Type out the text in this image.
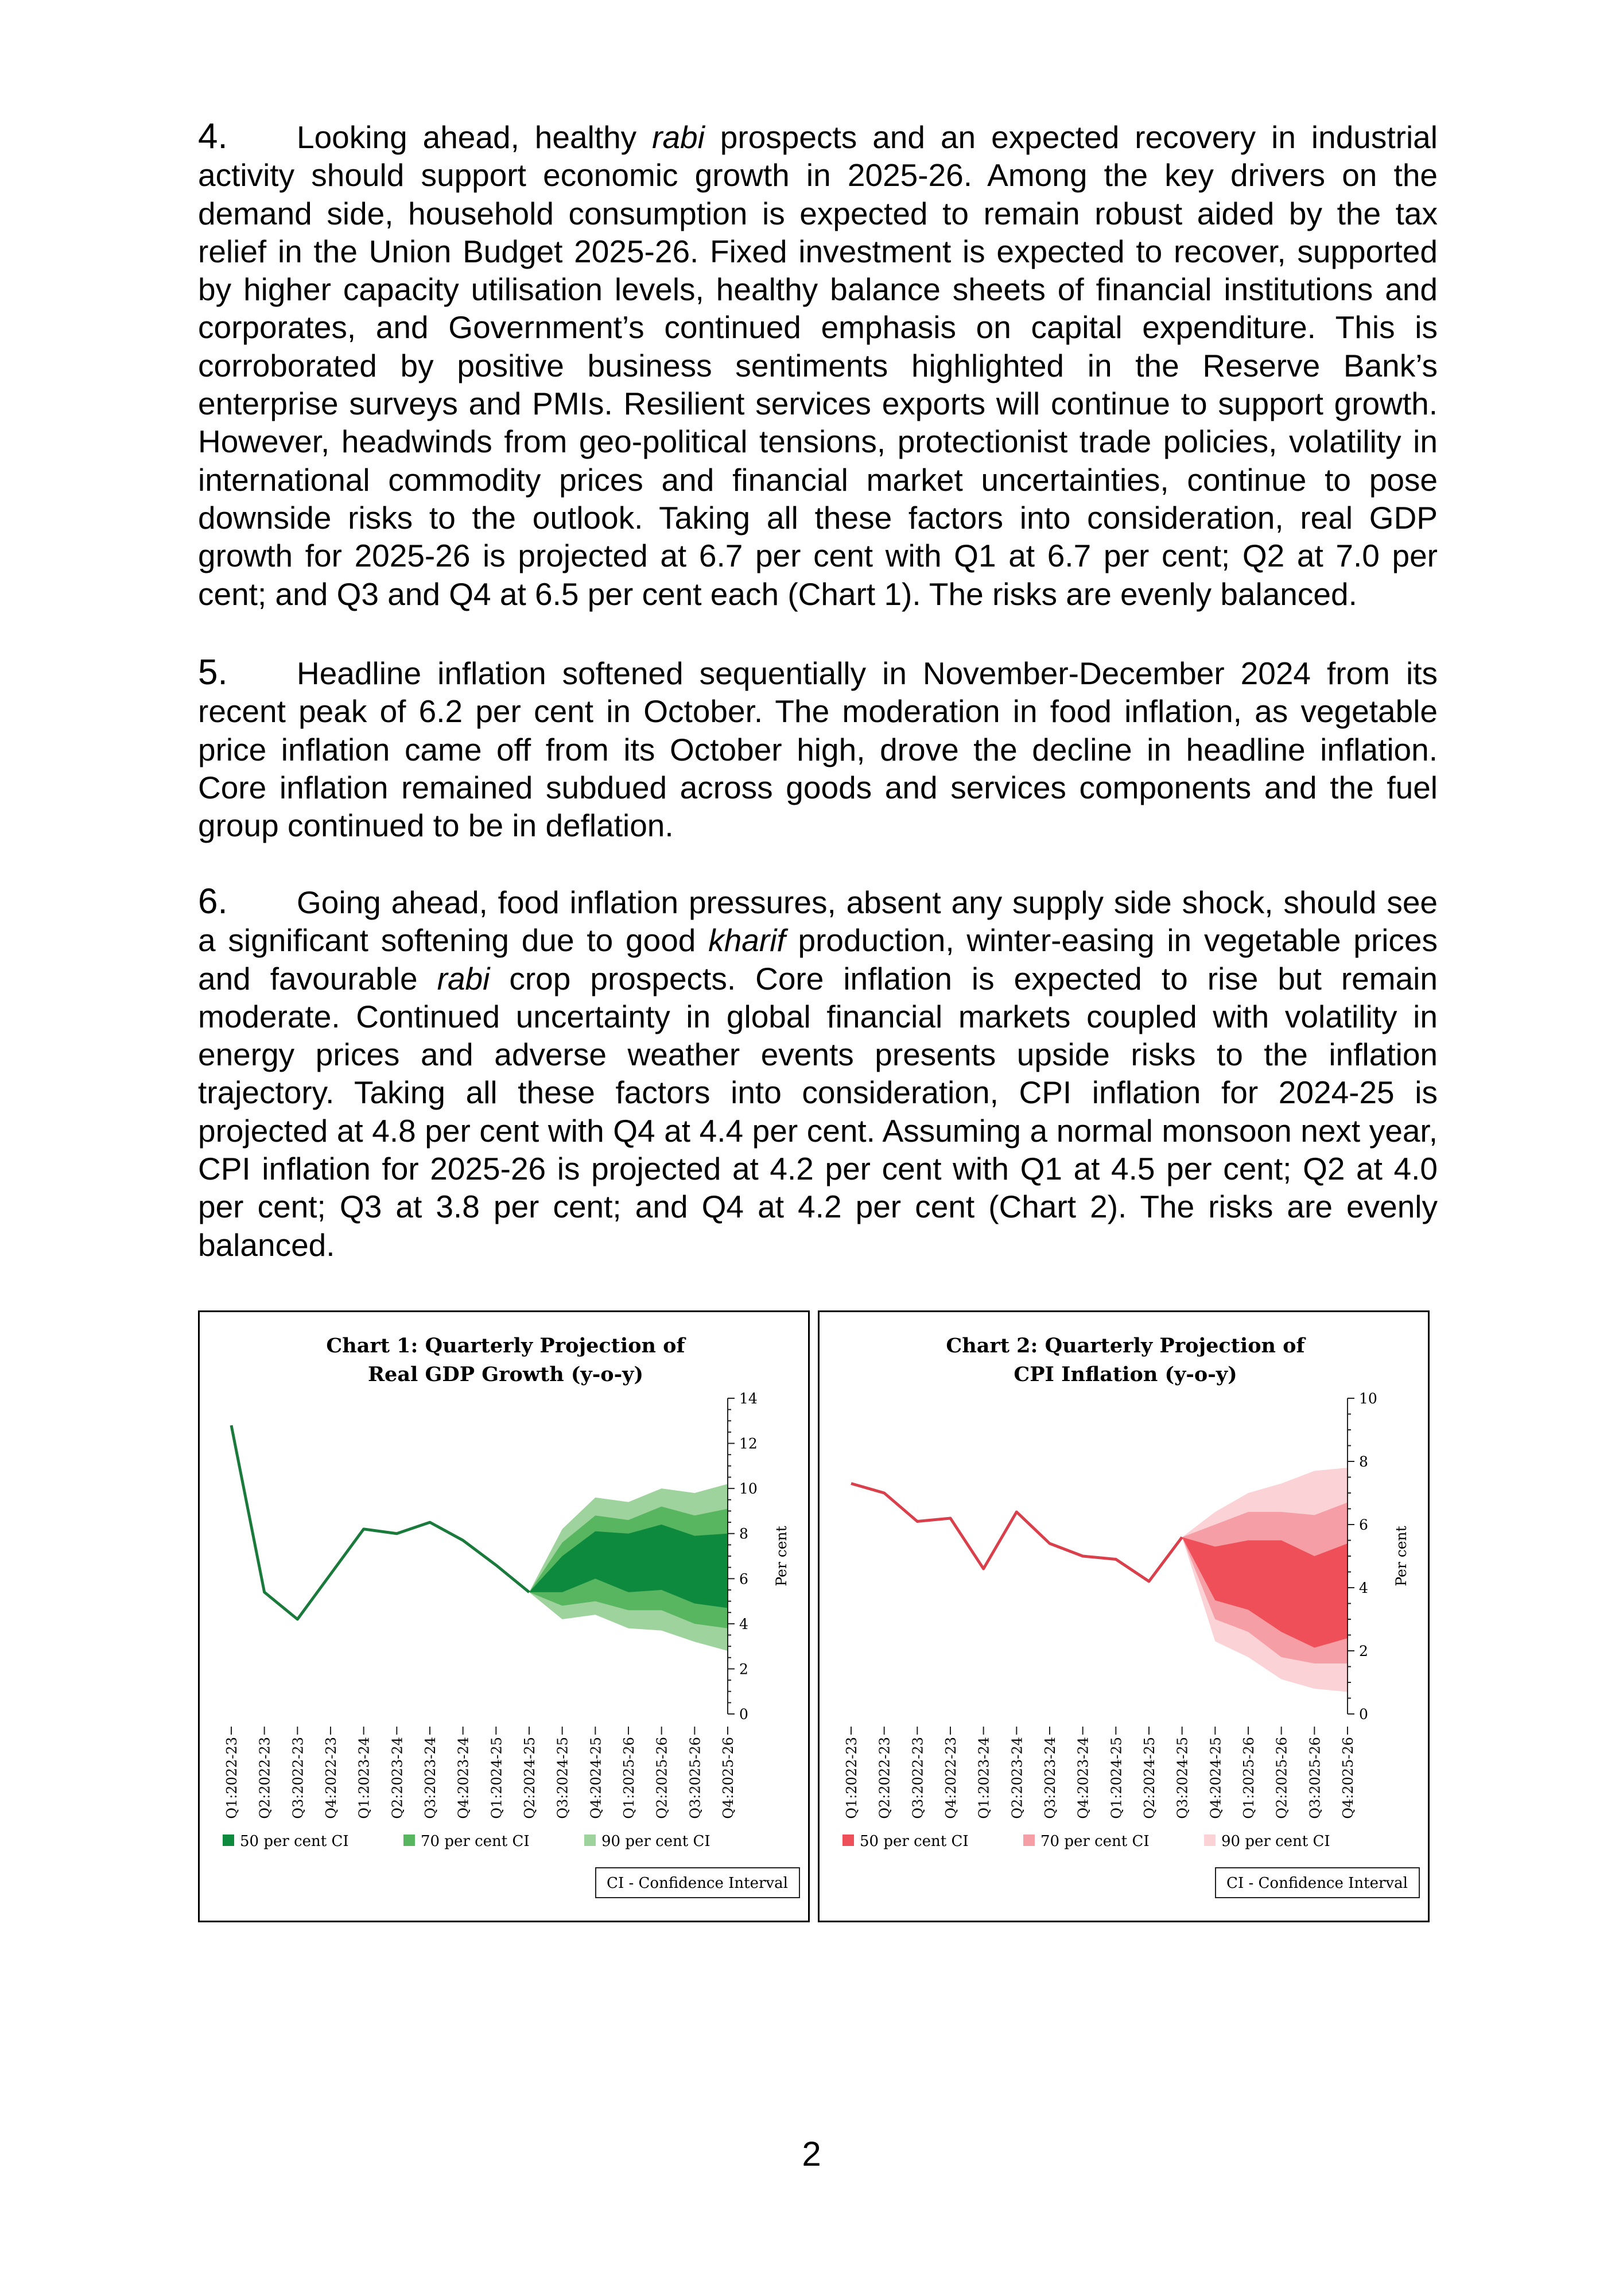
4. Looking ahead, healthy rabi prospects and an expected recovery in industrial activity should support economic growth in 2025-26. Among the key drivers on the demand side, household consumption is expected to remain robust aided by the tax relief in the Union Budget 2025-26. Fixed investment is expected to recover, supported by higher capacity utilisation levels, healthy balance sheets of financial institutions and corporates, and Government’s continued emphasis on capital expenditure. This is corroborated by positive business sentiments highlighted in the Reserve Bank’s enterprise surveys and PMIs. Resilient services exports will continue to support growth. However, headwinds from geo-political tensions, protectionist trade policies, volatility in international commodity prices and financial market uncertainties, continue to pose downside risks to the outlook. Taking all these factors into consideration, real GDP growth for 2025-26 is projected at 6.7 per cent with Q1 at 6.7 per cent; Q2 at 7.0 per cent; and Q3 and Q4 at 6.5 per cent each (Chart 1). The risks are evenly balanced.

5. Headline inflation softened sequentially in November-December 2024 from its recent peak of 6.2 per cent in October. The moderation in food inflation, as vegetable price inflation came off from its October high, drove the decline in headline inflation. Core inflation remained subdued across goods and services components and the fuel group continued to be in deflation.

6. Going ahead, food inflation pressures, absent any supply side shock, should see a significant softening due to good kharif production, winter-easing in vegetable prices and favourable rabi crop prospects. Core inflation is expected to rise but remain moderate. Continued uncertainty in global financial markets coupled with volatility in energy prices and adverse weather events presents upside risks to the inflation trajectory. Taking all these factors into consideration, CPI inflation for 2024-25 is projected at 4.8 per cent with Q4 at 4.4 per cent. Assuming a normal monsoon next year, CPI inflation for 2025-26 is projected at 4.2 per cent with Q1 at 4.5 per cent; Q2 at 4.0 per cent; Q3 at 3.8 per cent; and Q4 at 4.2 per cent (Chart 2). The risks are evenly balanced.

Chart 1: Quarterly Projection of
Real GDP Growth (y-o-y)
0
2
4
6
8
10
12
14
Per cent
Q1:2022-23 Q2:2022-23 Q3:2022-23 Q4:2022-23 Q1:2023-24 Q2:2023-24 Q3:2023-24 Q4:2023-24 Q1:2024-25 Q2:2024-25 Q3:2024-25 Q4:2024-25 Q1:2025-26 Q2:2025-26 Q3:2025-26 Q4:2025-26
50 per cent CI	70 per cent CI	90 per cent CI
CI - Confidence Interval
Chart 2: Quarterly Projection of
CPI Inflation (y-o-y)
0
2
4
6
8
10
Per cent
Q1:2022-23 Q2:2022-23 Q3:2022-23 Q4:2022-23 Q1:2023-24 Q2:2023-24 Q3:2023-24 Q4:2023-24 Q1:2024-25 Q2:2024-25 Q3:2024-25 Q4:2024-25 Q1:2025-26 Q2:2025-26 Q3:2025-26 Q4:2025-26
50 per cent CI	70 per cent CI	90 per cent CI
CI - Confidence Interval
2
